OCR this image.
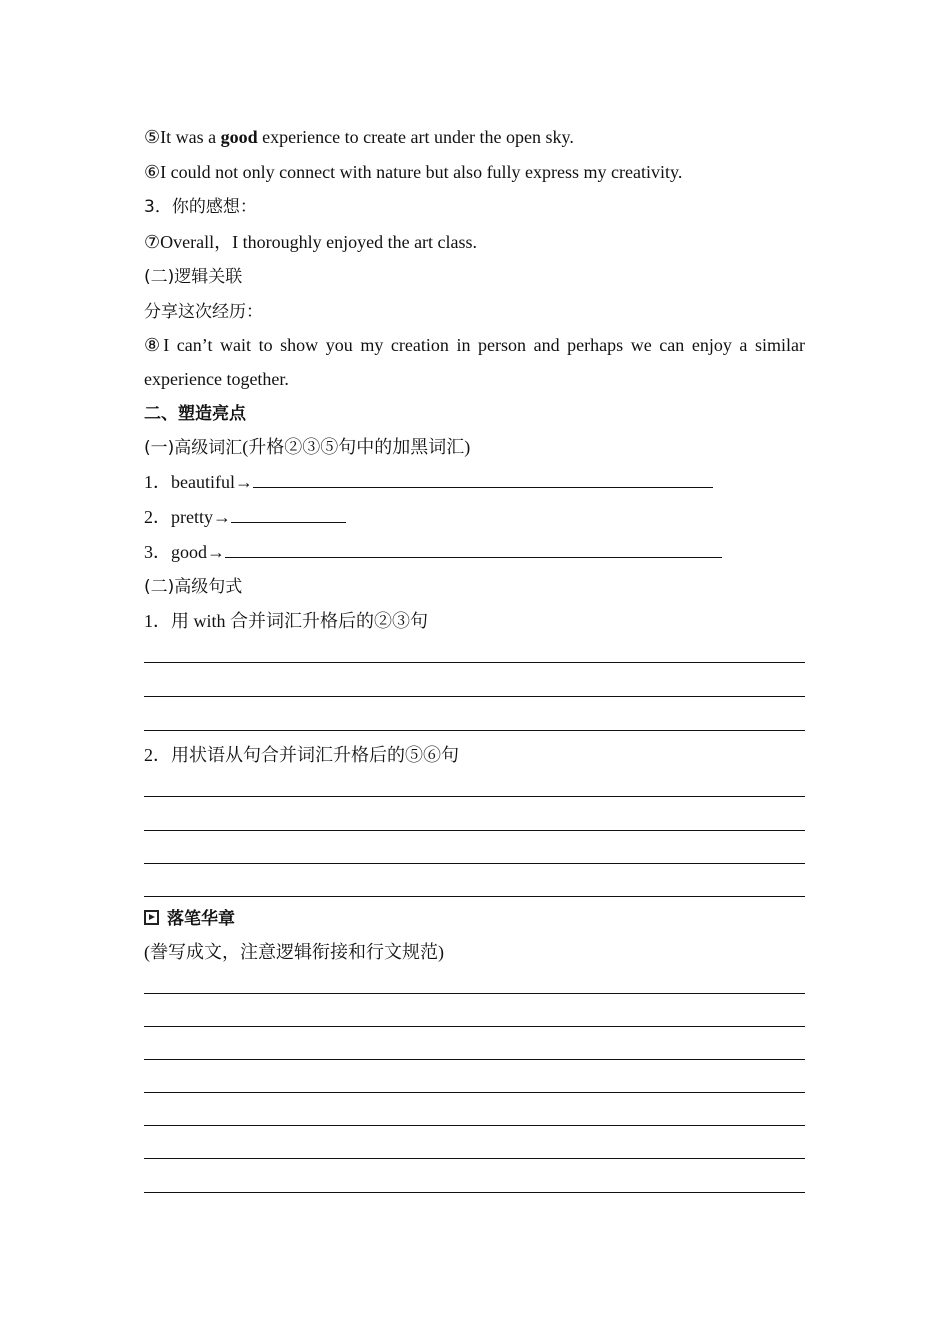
⑤It was a good experience to create art under the open sky.
⑥I could not only connect with nature but also fully express my creativity.
3．你的感想：
⑦Overall，I thoroughly enjoyed the art class.
(二)逻辑关联
分享这次经历：
⑧I can’t wait to show you my creation in person and perhaps we can enjoy a similar
experience together.
二、塑造亮点
(一)高级词汇(升格②③⑤句中的加黑词汇)
1．beautiful→
2．pretty→
3．good→
(二)高级句式
1．用 with 合并词汇升格后的②③句
2．用状语从句合并词汇升格后的⑤⑥句
落笔华章
(誊写成文，注意逻辑衔接和行文规范)
